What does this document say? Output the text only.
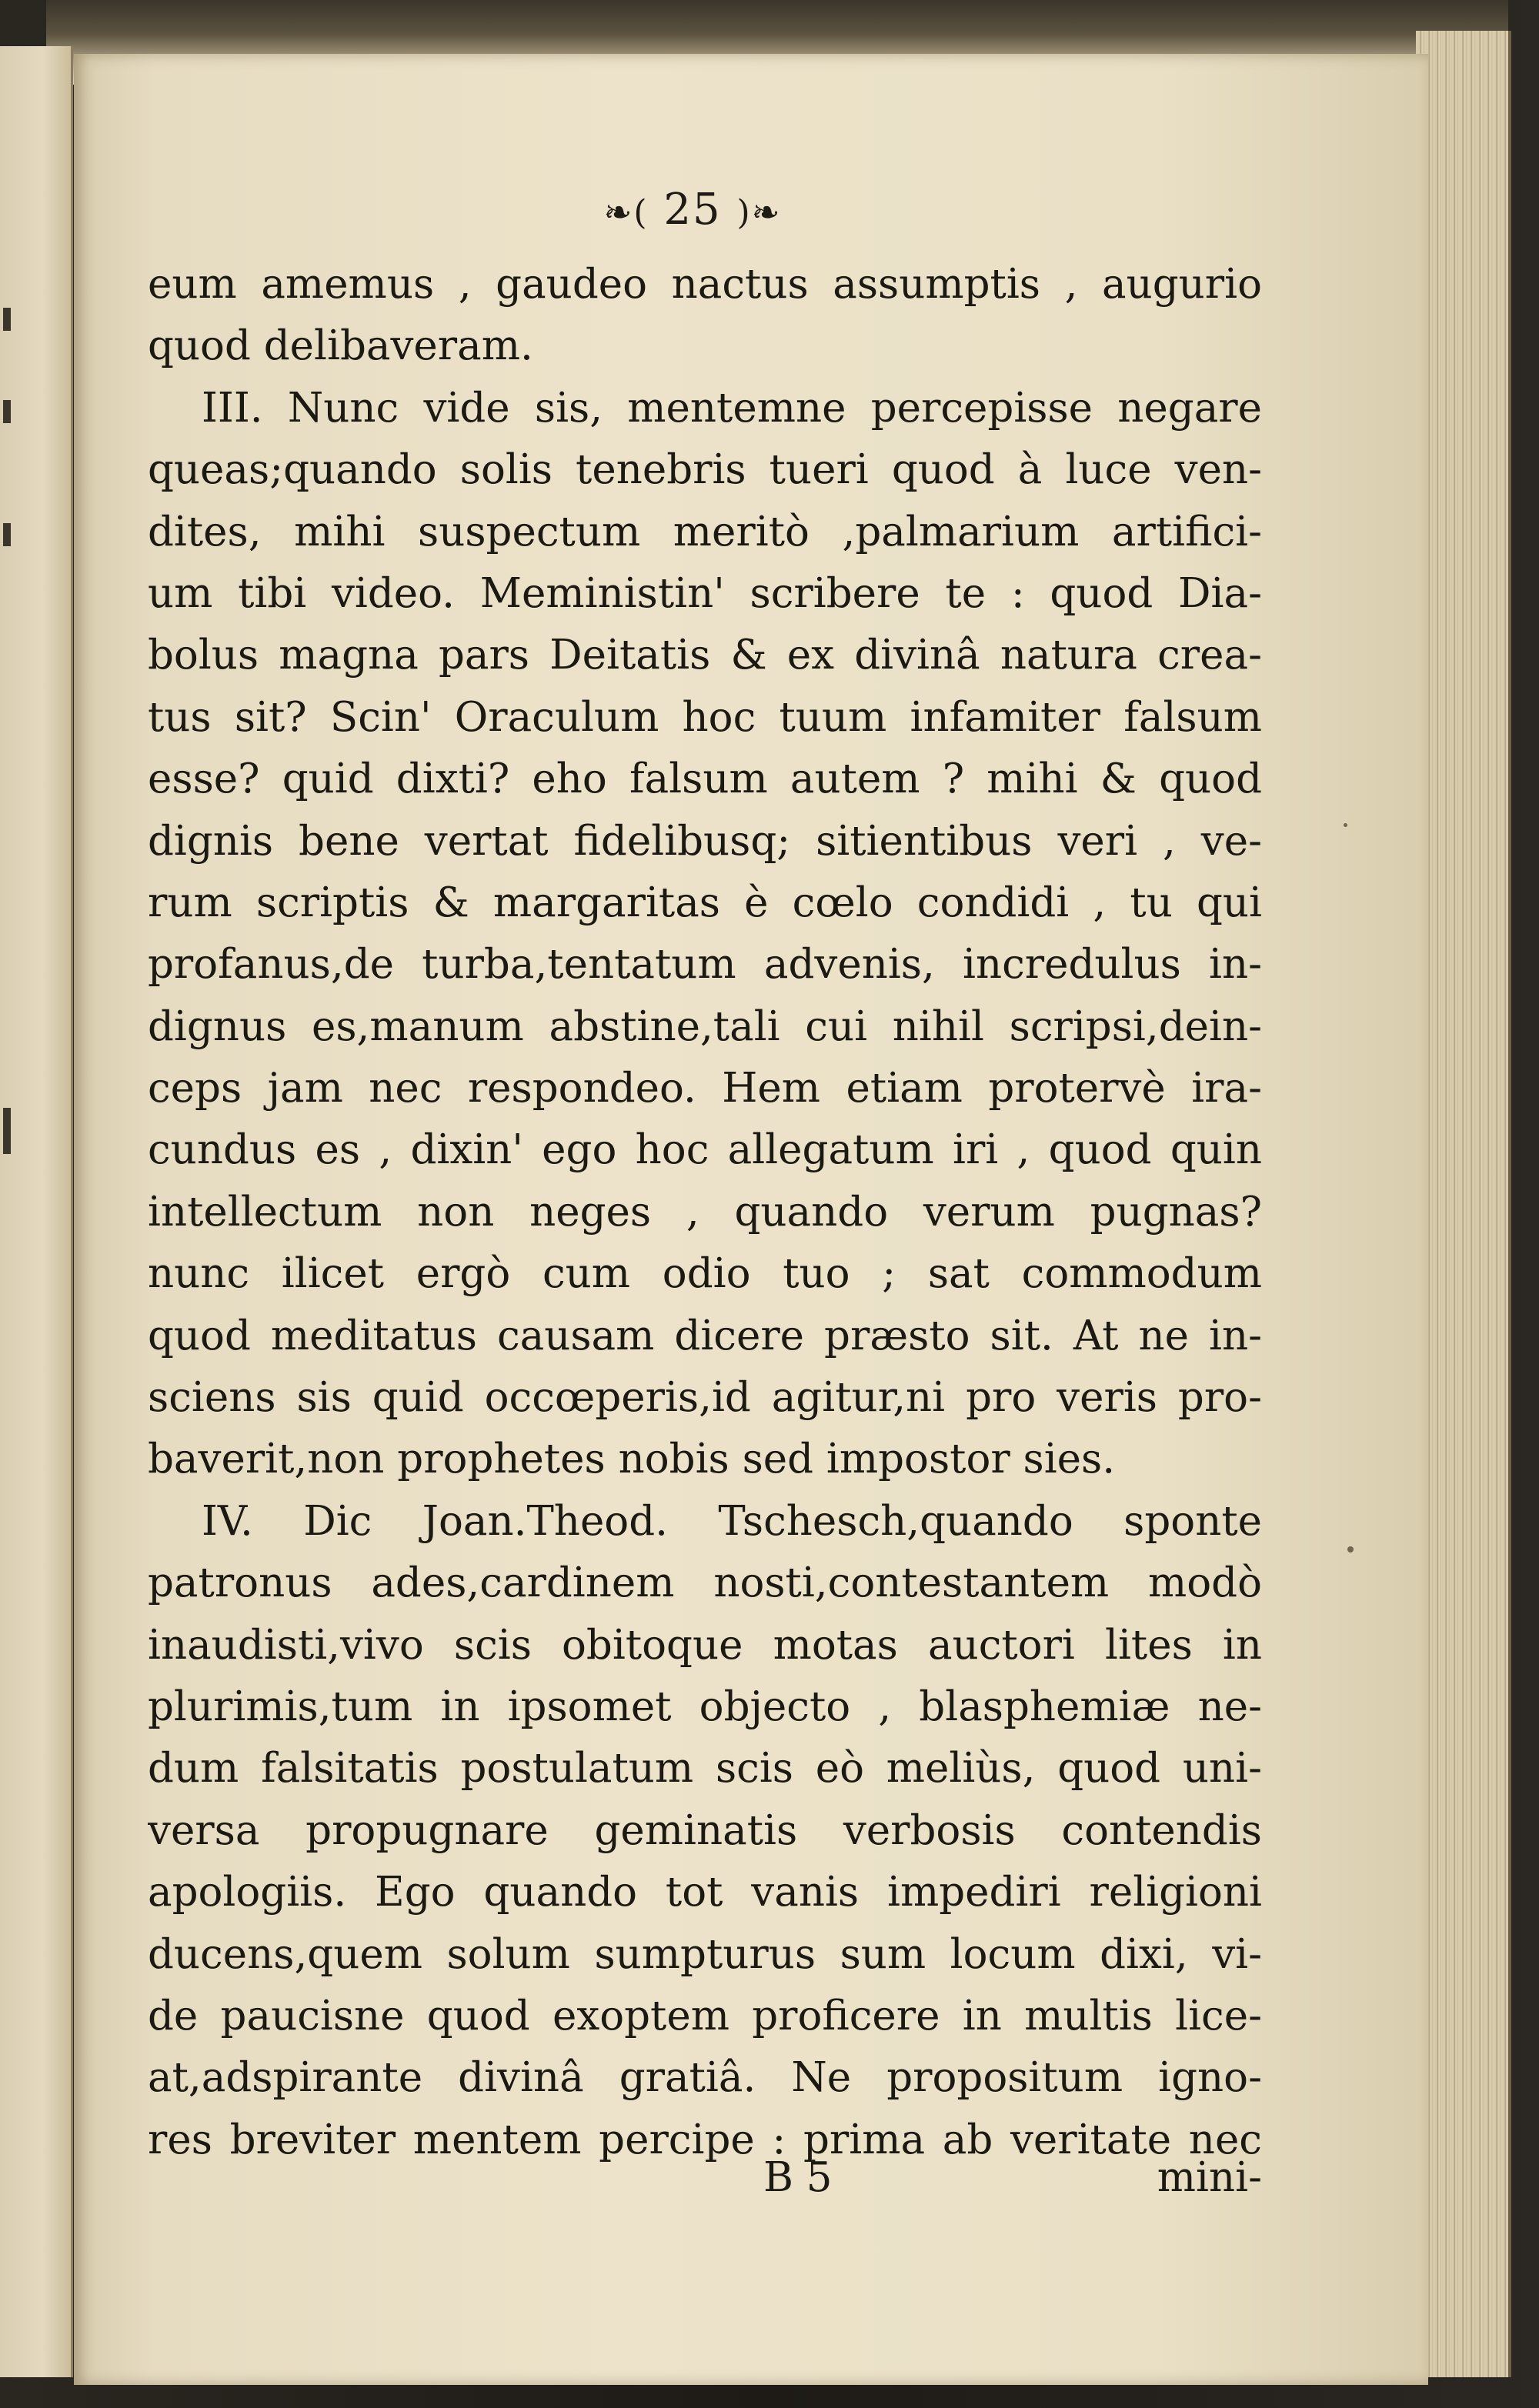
❧( 25 )❧
eum amemus , gaudeo nactus assumptis , augurio
quod delibaveram.
III. Nunc vide sis, mentemne percepisse negare
queas;quando solis tenebris tueri quod à luce ven-
dites, mihi suspectum meritò ,palmarium artifici-
um tibi video. Meministin' scribere te : quod Dia-
bolus magna pars Deitatis & ex divinâ natura crea-
tus sit? Scin' Oraculum hoc tuum infamiter falsum
esse? quid dixti? eho falsum autem ? mihi & quod
dignis bene vertat fidelibusq; sitientibus veri , ve-
rum scriptis & margaritas è cœlo condidi , tu qui
profanus,de turba,tentatum advenis, incredulus in-
dignus es,manum abstine,tali cui nihil scripsi,dein-
ceps jam nec respondeo. Hem etiam protervè ira-
cundus es , dixin' ego hoc allegatum iri , quod quin
intellectum non neges , quando verum pugnas?
nunc ilicet ergò cum odio tuo ; sat commodum
quod meditatus causam dicere præsto sit. At ne in-
sciens sis quid occœperis,id agitur,ni pro veris pro-
baverit,non prophetes nobis sed impostor sies.
IV. Dic Joan.Theod. Tschesch,quando sponte
patronus ades,cardinem nosti,contestantem modò
inaudisti,vivo scis obitoque motas auctori lites in
plurimis,tum in ipsomet objecto , blasphemiæ ne-
dum falsitatis postulatum scis eò meliùs, quod uni-
versa propugnare geminatis verbosis contendis
apologiis. Ego quando tot vanis impediri religioni
ducens,quem solum sumpturus sum locum dixi, vi-
de paucisne quod exoptem proficere in multis lice-
at,adspirante divinâ gratiâ. Ne propositum igno-
res breviter mentem percipe : prima ab veritate nec
B 5	mini-
